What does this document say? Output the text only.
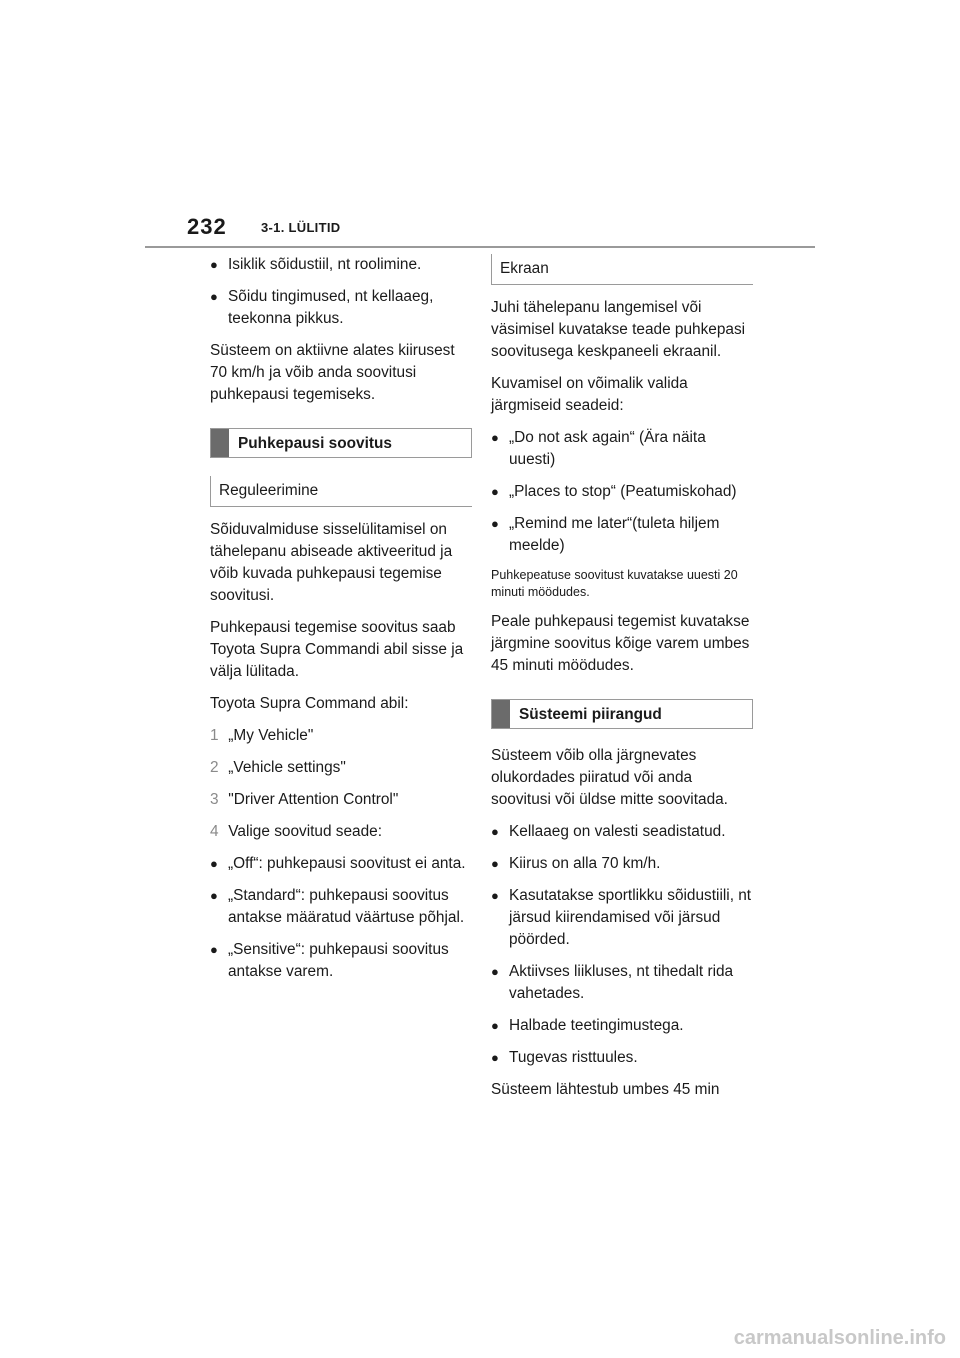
232	3-1. LÜLITID
● Isiklik sõidustiil, nt roolimine.
● Sõidu tingimused, nt kellaaeg, teekonna pikkus.

Süsteem on aktiivne alates kiirusest 70 km/h ja võib anda soovitusi puhkepausi tegemiseks.

Puhkepausi soovitus
Reguleerimine

Sõiduvalmiduse sisselülitamisel on tähelepanu abiseade aktiveeritud ja võib kuvada puhkepausi tegemise soovitusi.

Puhkepausi tegemise soovitus saab Toyota Supra Commandi abil sisse ja välja lülitada.

Toyota Supra Command abil:

1 „My Vehicle"
2 „Vehicle settings"
3 "Driver Attention Control"
4 Valige soovitud seade:
● „Off“: puhkepausi soovitust ei anta.
● „Standard“: puhkepausi soovitus antakse määratud väärtuse põhjal.
● „Sensitive“: puhkepausi soovitus antakse varem.
Ekraan

Juhi tähelepanu langemisel või väsimisel kuvatakse teade puhkepasi soovitusega keskpaneeli ekraanil.

Kuvamisel on võimalik valida järgmiseid seadeid:

● „Do not ask again“ (Ära näita uuesti)
● „Places to stop“ (Peatumiskohad)
● „Remind me later“(tuleta hiljem meelde)

Puhkepeatuse soovitust kuvatakse uuesti 20 minuti möödudes.

Peale puhkepausi tegemist kuvatakse järgmine soovitus kõige varem umbes 45 minuti möödudes.

Süsteemi piirangud

Süsteem võib olla järgnevates olukordades piiratud või anda soovitusi või üldse mitte soovitada.

● Kellaaeg on valesti seadistatud.
● Kiirus on alla 70 km/h.
● Kasutatakse sportlikku sõidustiili, nt järsud kiirendamised või järsud pöörded.
● Aktiivses liikluses, nt tihedalt rida vahetades.
● Halbade teetingimustega.
● Tugevas risttuules.

Süsteem lähtestub umbes 45 min

carmanualsonline.info
